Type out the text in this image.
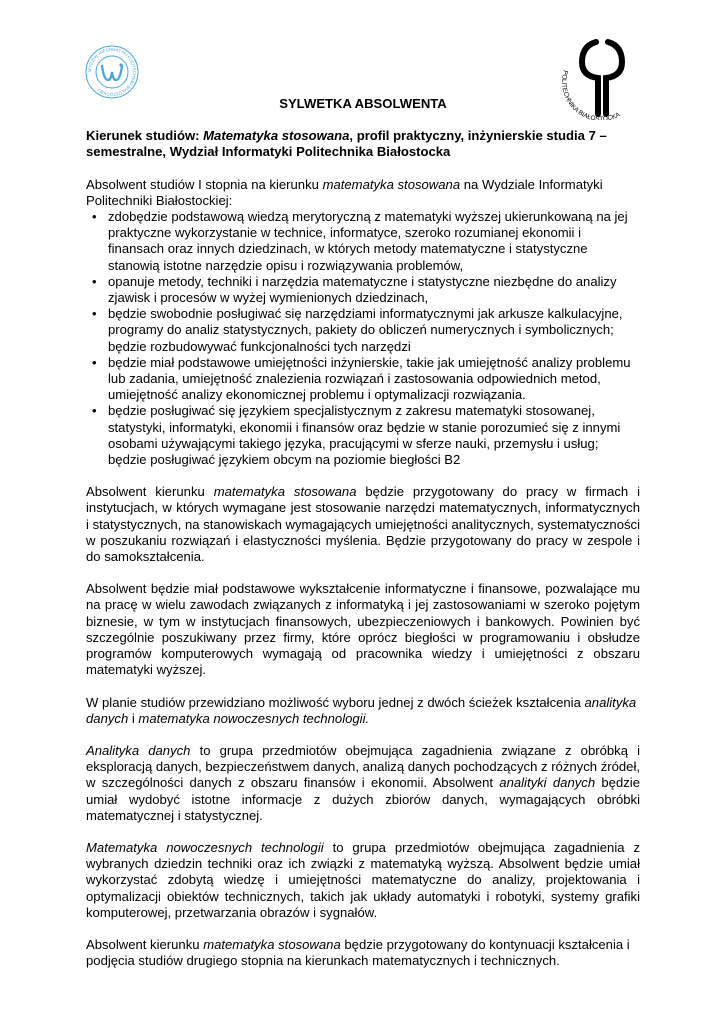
WYDZIAŁ INFORMATYKI POLITECHNIKI BIAŁOSTOCKIEJ
POLITECHNIKA BIAŁOSTOCKA

SYLWETKA ABSOLWENTA

Kierunek studiów: Matematyka stosowana, profil praktyczny, inżynierskie studia 7 – semestralne, Wydział Informatyki Politechnika Białostocka

Absolwent studiów I stopnia na kierunku matematyka stosowana na Wydziale Informatyki Politechniki Białostockiej:

• zdobędzie podstawową wiedzą merytoryczną z matematyki wyższej ukierunkowaną na jej praktyczne wykorzystanie w technice, informatyce, szeroko rozumianej ekonomii i finansach oraz innych dziedzinach, w których metody matematyczne i statystyczne stanowią istotne narzędzie opisu i rozwiązywania problemów,
• opanuje metody, techniki i narzędzia matematyczne i statystyczne niezbędne do analizy zjawisk i procesów w wyżej wymienionych dziedzinach,
• będzie swobodnie posługiwać się narzędziami informatycznymi jak arkusze kalkulacyjne, programy do analiz statystycznych, pakiety do obliczeń numerycznych i symbolicznych; będzie rozbudowywać funkcjonalności tych narzędzi
• będzie miał podstawowe umiejętności inżynierskie, takie jak umiejętność analizy problemu lub zadania, umiejętność znalezienia rozwiązań i zastosowania odpowiednich metod, umiejętność analizy ekonomicznej problemu i optymalizacji rozwiązania.
• będzie posługiwać się językiem specjalistycznym z zakresu matematyki stosowanej, statystyki, informatyki, ekonomii i finansów oraz będzie w stanie porozumieć się z innymi osobami używającymi takiego języka, pracującymi w sferze nauki, przemysłu i usług; będzie posługiwać językiem obcym na poziomie biegłości B2

Absolwent kierunku matematyka stosowana będzie przygotowany do pracy w firmach i instytucjach, w których wymagane jest stosowanie narzędzi matematycznych, informatycznych i statystycznych, na stanowiskach wymagających umiejętności analitycznych, systematyczności w poszukaniu rozwiązań i elastyczności myślenia. Będzie przygotowany do pracy w zespole i do samokształcenia.

Absolwent będzie miał podstawowe wykształcenie informatyczne i finansowe, pozwalające mu na pracę w wielu zawodach związanych z informatyką i jej zastosowaniami w szeroko pojętym biznesie, w tym w instytucjach finansowych, ubezpieczeniowych i bankowych. Powinien być szczególnie poszukiwany przez firmy, które oprócz biegłości w programowaniu i obsłudze programów komputerowych wymagają od pracownika wiedzy i umiejętności z obszaru matematyki wyższej.

W planie studiów przewidziano możliwość wyboru jednej z dwóch ścieżek kształcenia analityka danych i matematyka nowoczesnych technologii.

Analityka danych to grupa przedmiotów obejmująca zagadnienia związane z obróbką i eksploracją danych, bezpieczeństwem danych, analizą danych pochodzących z różnych źródeł, w szczególności danych z obszaru finansów i ekonomii. Absolwent analityki danych będzie umiał wydobyć istotne informacje z dużych zbiorów danych, wymagających obróbki matematycznej i statystycznej.

Matematyka nowoczesnych technologii to grupa przedmiotów obejmująca zagadnienia z wybranych dziedzin techniki oraz ich związki z matematyką wyższą. Absolwent będzie umiał wykorzystać zdobytą wiedzę i umiejętności matematyczne do analizy, projektowania i optymalizacji obiektów technicznych, takich jak układy automatyki i robotyki, systemy grafiki komputerowej, przetwarzania obrazów i sygnałów.

Absolwent kierunku matematyka stosowana będzie przygotowany do kontynuacji kształcenia i podjęcia studiów drugiego stopnia na kierunkach matematycznych i technicznych.
